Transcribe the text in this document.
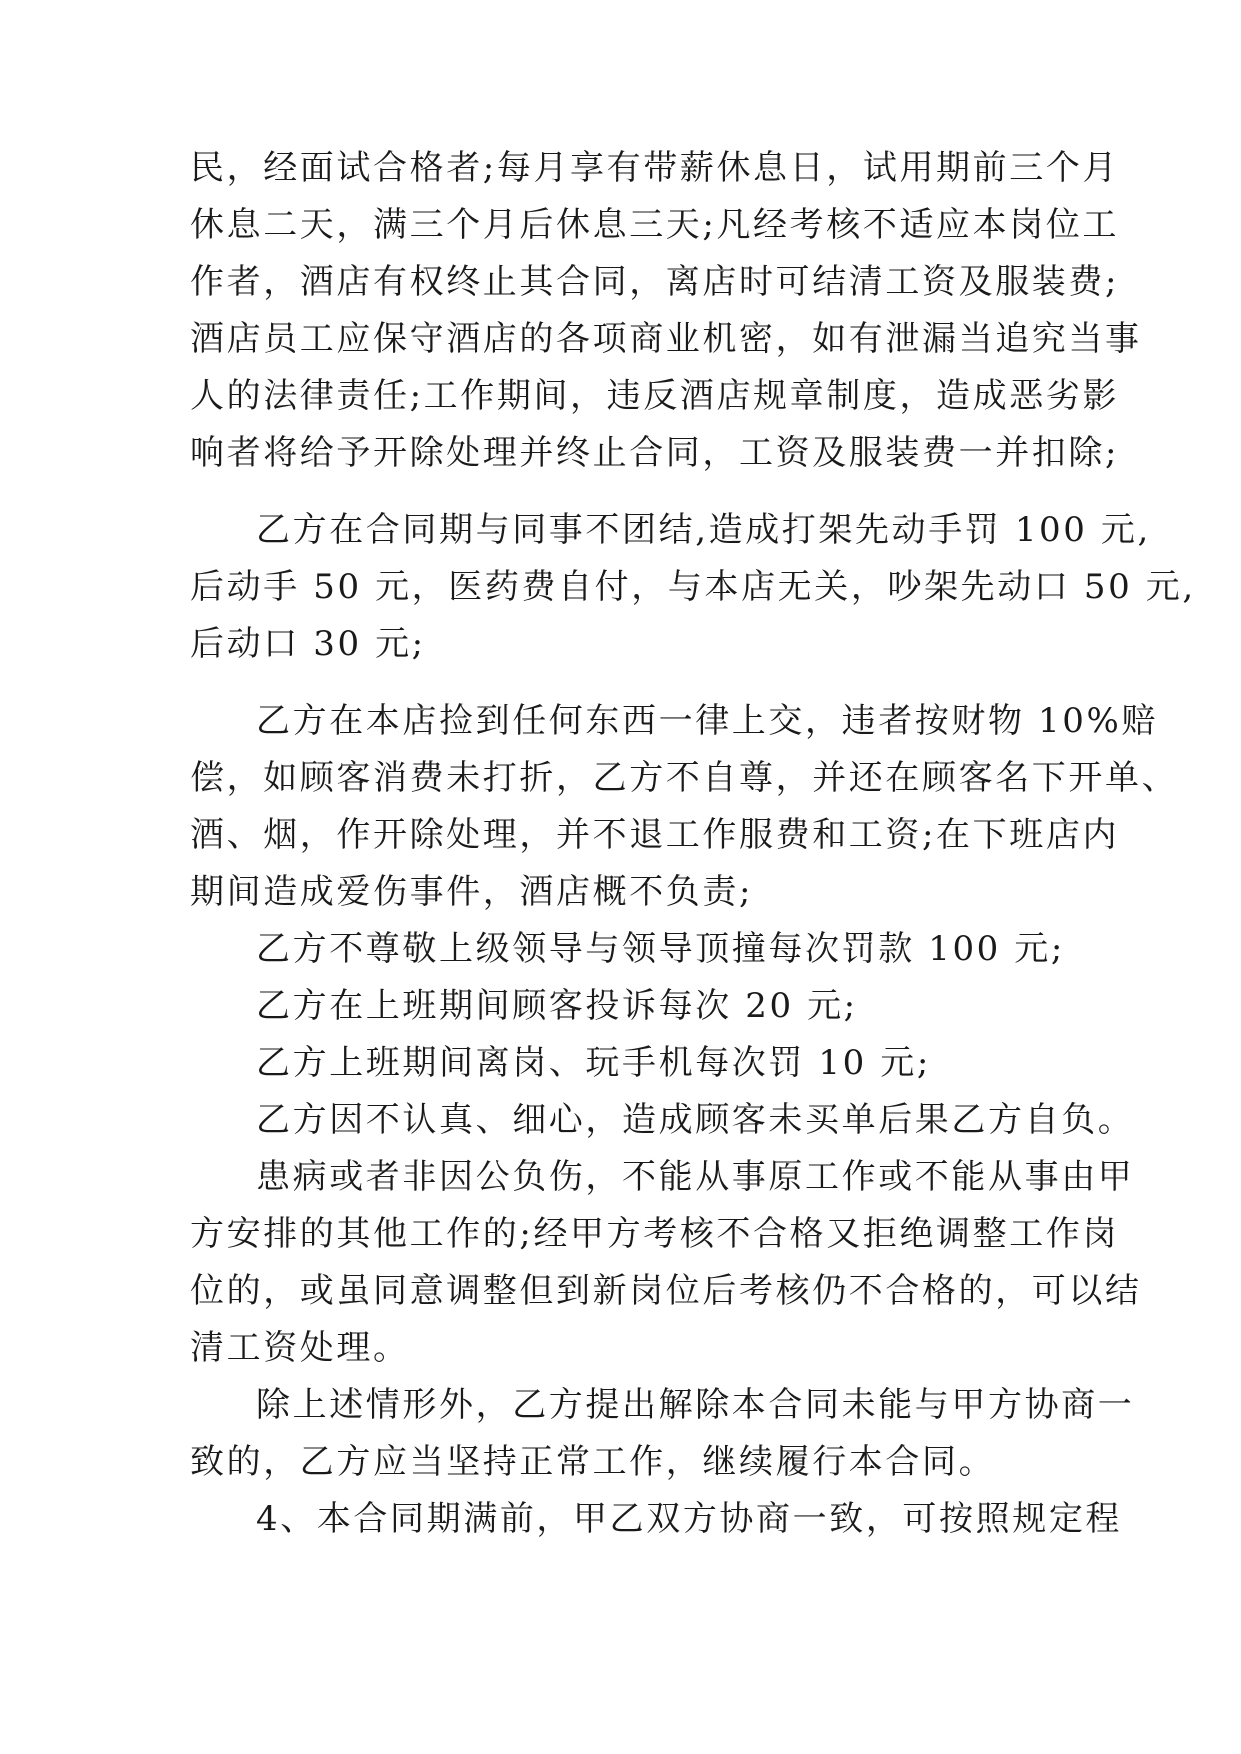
民，经面试合格者;每月享有带薪休息日，试用期前三个月
休息二天，满三个月后休息三天;凡经考核不适应本岗位工
作者，酒店有权终止其合同，离店时可结清工资及服装费;
酒店员工应保守酒店的各项商业机密，如有泄漏当追究当事
人的法律责任;工作期间，违反酒店规章制度，造成恶劣影
响者将给予开除处理并终止合同，工资及服装费一并扣除;
乙方在合同期与同事不团结,造成打架先动手罚 100 元,
后动手 50 元，医药费自付，与本店无关，吵架先动口 50 元,
后动口 30 元;
乙方在本店捡到任何东西一律上交，违者按财物 10%赔
偿，如顾客消费未打折，乙方不自尊，并还在顾客名下开单、
酒、烟，作开除处理，并不退工作服费和工资;在下班店内
期间造成爱伤事件，酒店概不负责;
乙方不尊敬上级领导与领导顶撞每次罚款 100 元;
乙方在上班期间顾客投诉每次 20 元;
乙方上班期间离岗、玩手机每次罚 10 元;
乙方因不认真、细心，造成顾客未买单后果乙方自负。
患病或者非因公负伤，不能从事原工作或不能从事由甲
方安排的其他工作的;经甲方考核不合格又拒绝调整工作岗
位的，或虽同意调整但到新岗位后考核仍不合格的，可以结
清工资处理。
除上述情形外，乙方提出解除本合同未能与甲方协商一
致的，乙方应当坚持正常工作，继续履行本合同。
4、本合同期满前，甲乙双方协商一致，可按照规定程
